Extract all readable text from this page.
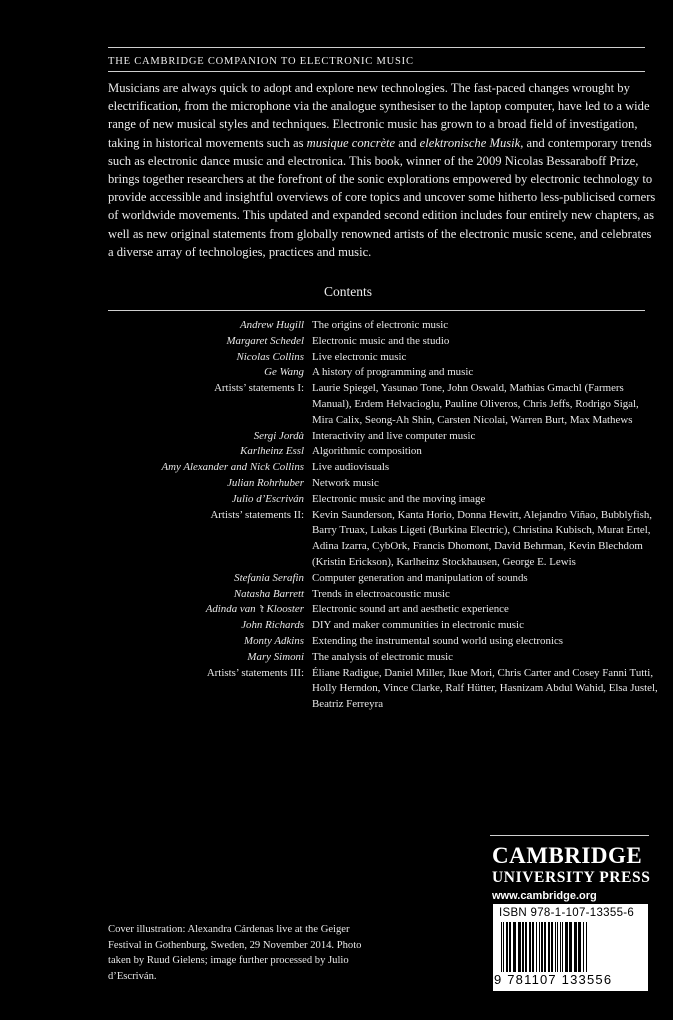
THE CAMBRIDGE COMPANION TO ELECTRONIC MUSIC
Musicians are always quick to adopt and explore new technologies. The fast-paced changes wrought by electrification, from the microphone via the analogue synthesiser to the laptop computer, have led to a wide range of new musical styles and techniques. Electronic music has grown to a broad field of investigation, taking in historical movements such as musique concrète and elektronische Musik, and contemporary trends such as electronic dance music and electronica. This book, winner of the 2009 Nicolas Bessaraboff Prize, brings together researchers at the forefront of the sonic explorations empowered by electronic technology to provide accessible and insightful overviews of core topics and uncover some hitherto less-publicised corners of worldwide movements. This updated and expanded second edition includes four entirely new chapters, as well as new original statements from globally renowned artists of the electronic music scene, and celebrates a diverse array of technologies, practices and music.
Contents
Andrew Hugill The origins of electronic music
Margaret Schedel Electronic music and the studio
Nicolas Collins Live electronic music
Ge Wang A history of programming and music
Artists’ statements I: Laurie Spiegel, Yasunao Tone, John Oswald, Mathias Gmachl (Farmers Manual), Erdem Helvacioglu, Pauline Oliveros, Chris Jeffs, Rodrigo Sigal, Mira Calix, Seong-Ah Shin, Carsten Nicolai, Warren Burt, Max Mathews
Sergi Jordà Interactivity and live computer music
Karlheinz Essl Algorithmic composition
Amy Alexander and Nick Collins Live audiovisuals
Julian Rohrhuber Network music
Julio d’Escriván Electronic music and the moving image
Artists’ statements II: Kevin Saunderson, Kanta Horio, Donna Hewitt, Alejandro Viñao, Bubblyfish, Barry Truax, Lukas Ligeti (Burkina Electric), Christina Kubisch, Murat Ertel, Adina Izarra, CybOrk, Francis Dhomont, David Behrman, Kevin Blechdom (Kristin Erickson), Karlheinz Stockhausen, George E. Lewis
Stefania Serafin Computer generation and manipulation of sounds
Natasha Barrett Trends in electroacoustic music
Adinda van ’t Klooster Electronic sound art and aesthetic experience
John Richards DIY and maker communities in electronic music
Monty Adkins Extending the instrumental sound world using electronics
Mary Simoni The analysis of electronic music
Artists’ statements III: Éliane Radigue, Daniel Miller, Ikue Mori, Chris Carter and Cosey Fanni Tutti, Holly Herndon, Vince Clarke, Ralf Hütter, Hasnizam Abdul Wahid, Elsa Justel, Beatriz Ferreyra
CAMBRIDGE
UNIVERSITY PRESS
www.cambridge.org
ISBN 978-1-107-13355-6
9 781107 133556
Cover illustration: Alexandra Cárdenas live at the Geiger Festival in Gothenburg, Sweden, 29 November 2014. Photo taken by Ruud Gielens; image further processed by Julio d’Escriván.
